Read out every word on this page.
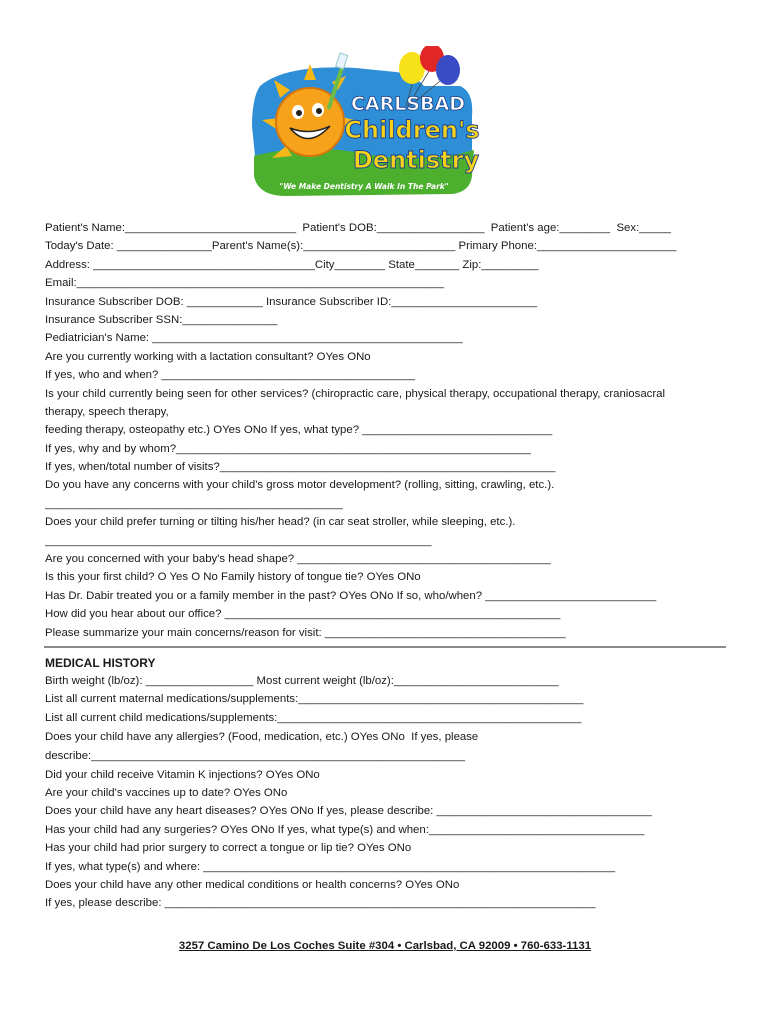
CARLSBAD
Children's
Dentistry
"We Make Dentistry A Walk In The Park"
Patient's Name:___________________________  Patient's DOB:_________________  Patient's age:________  Sex:_____
Today's Date: _______________Parent's Name(s):________________________ Primary Phone:______________________
Address: ___________________________________City________ State_______ Zip:_________
Email:__________________________________________________________
Insurance Subscriber DOB: ____________ Insurance Subscriber ID:_______________________
Insurance Subscriber SSN:_______________
Pediatrician's Name: _________________________________________________
Are you currently working with a lactation consultant? OYes ONo
If yes, who and when? ________________________________________
Is your child currently being seen for other services? (chiropractic care, physical therapy, occupational therapy, craniosacral
therapy, speech therapy,
feeding therapy, osteopathy etc.) OYes ONo If yes, what type? ______________________________
If yes, why and by whom?________________________________________________________
If yes, when/total number of visits?_____________________________________________________
Do you have any concerns with your child's gross motor development? (rolling, sitting, crawling, etc.).
_______________________________________________
Does your child prefer turning or tilting his/her head? (in car seat stroller, while sleeping, etc.).
_____________________________________________________________
Are you concerned with your baby's head shape? ________________________________________
Is this your first child? O Yes O No Family history of tongue tie? OYes ONo
Has Dr. Dabir treated you or a family member in the past? OYes ONo If so, who/when? ___________________________
How did you hear about our office? _____________________________________________________
Please summarize your main concerns/reason for visit: ______________________________________
MEDICAL HISTORY
Birth weight (lb/oz): _________________ Most current weight (lb/oz):__________________________
List all current maternal medications/supplements:_____________________________________________
List all current child medications/supplements:________________________________________________
Does your child have any allergies? (Food, medication, etc.) OYes ONo  If yes, please
describe:___________________________________________________________
Did your child receive Vitamin K injections? OYes ONo
Are your child's vaccines up to date? OYes ONo
Does your child have any heart diseases? OYes ONo If yes, please describe: __________________________________
Has your child had any surgeries? OYes ONo If yes, what type(s) and when:__________________________________
Has your child had prior surgery to correct a tongue or lip tie? OYes ONo
If yes, what type(s) and where: _________________________________________________________________
Does your child have any other medical conditions or health concerns? OYes ONo
If yes, please describe: ____________________________________________________________________
3257 Camino De Los Coches Suite #304 • Carlsbad, CA 92009 • 760-633-1131
